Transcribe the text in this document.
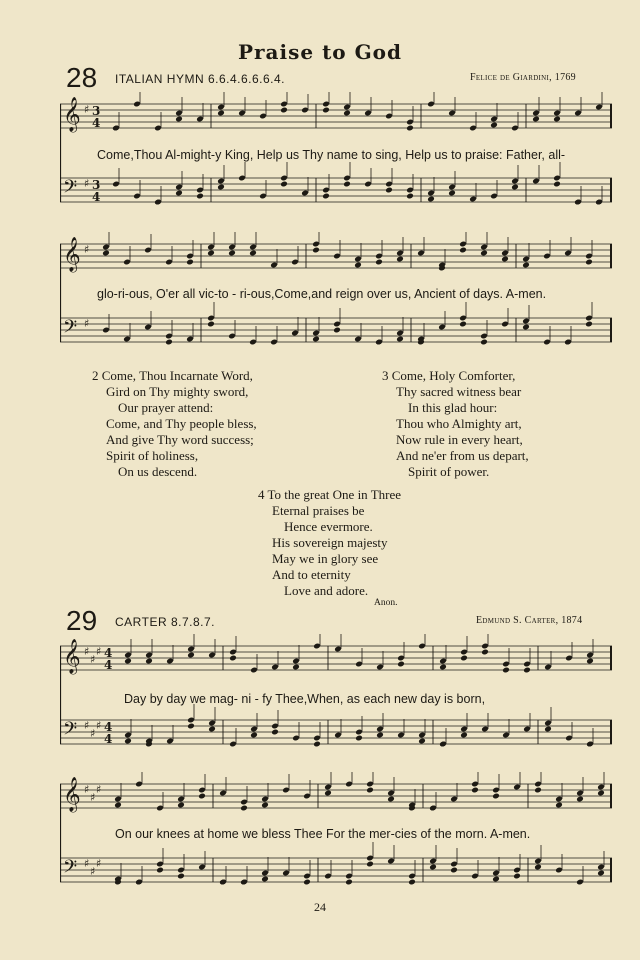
Praise to God
28 ITALIAN HYMN 6.6.4.6.6.6.4.	Felice de Giardini, 1769
𝄞 ♯ 3
4
𝄢 ♯ 3
4
Come,Thou Al-might-y King, Help us Thy name to sing, Help us to praise: Father, all-
𝄞 ♯
𝄢 ♯
glo-ri-ous, O'er all vic-to - ri-ous,Come,and reign over us, Ancient of days. A-men.
2 Come, Thou Incarnate Word,
Gird on Thy mighty sword,
Our prayer attend:
Come, and Thy people bless,
And give Thy word success;
Spirit of holiness,
On us descend.
3 Come, Holy Comforter,
Thy sacred witness bear
In this glad hour:
Thou who Almighty art,
Now rule in every heart,
And ne'er from us depart,
Spirit of power.
4 To the great One in Three
Eternal praises be
Hence evermore.
His sovereign majesty
May we in glory see
And to eternity
Love and adore.
Anon.
29 CARTER 8.7.8.7.	Edmund S. Carter, 1874
𝄞 ♯
♯
♯ 4
4
𝄢 ♯
♯
♯ 4
4
Day by day we mag- ni - fy Thee,When, as each new day is born,
𝄞 ♯
♯
♯
𝄢 ♯
♯
♯
On our knees at home we bless Thee For the mer-cies of the morn. A-men.
24
